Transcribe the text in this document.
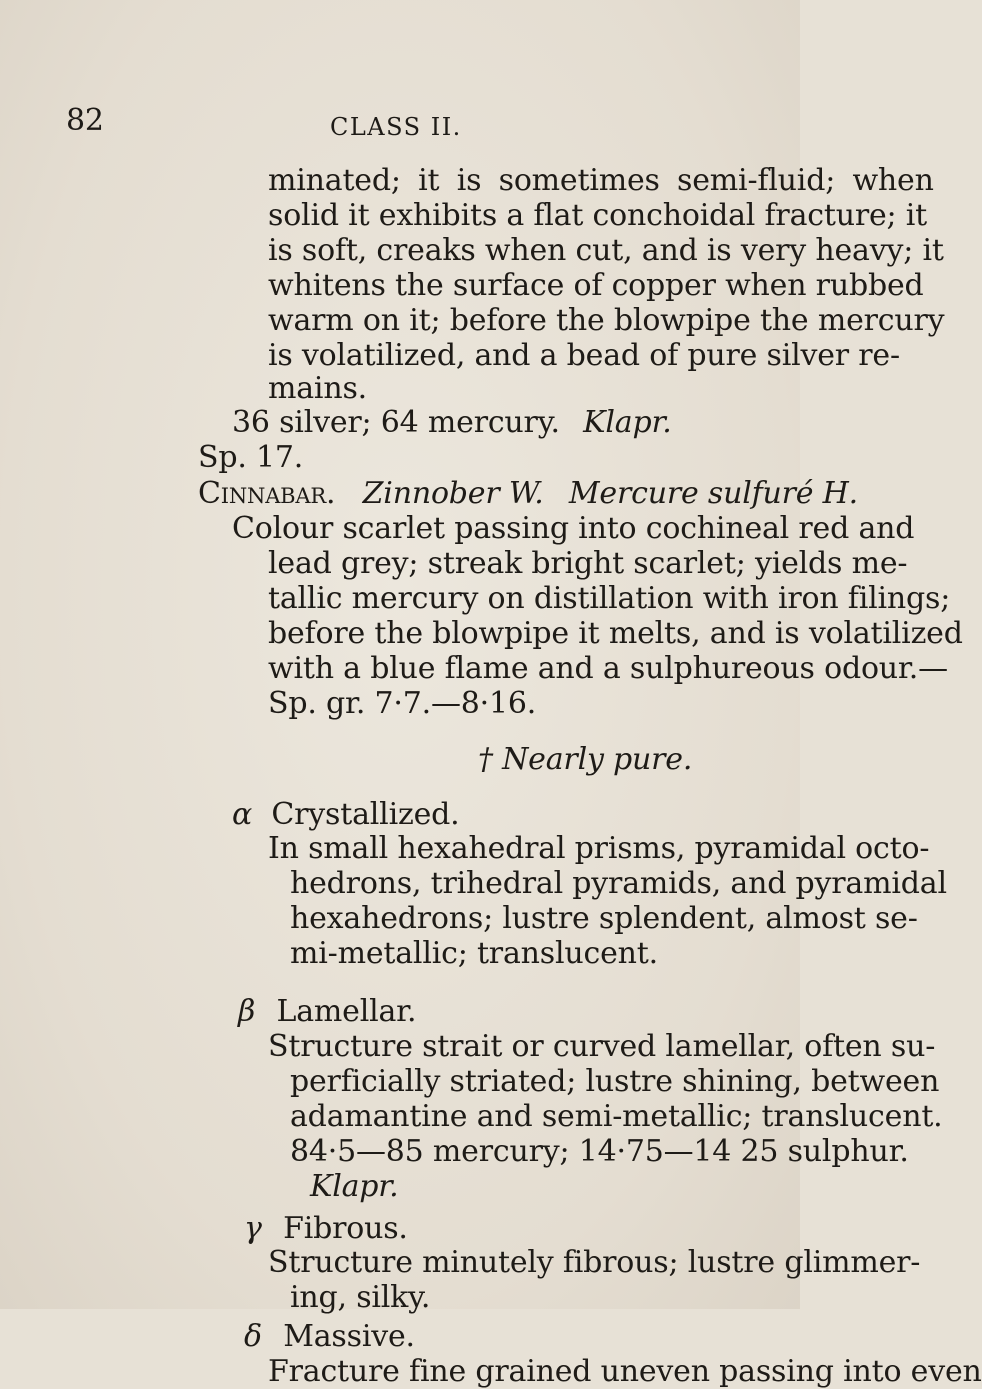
82	CLASS II.
minated; it is sometimes semi-fluid; when
solid it exhibits a flat conchoidal fracture; it
is soft, creaks when cut, and is very heavy; it
whitens the surface of copper when rubbed
warm on it; before the blowpipe the mercury
is volatilized, and a bead of pure silver re-
mains.
36 silver; 64 mercury. Klapr.
Sp. 17.
Cinnabar. Zinnober W. Mercure sulfuré H.
Colour scarlet passing into cochineal red and
lead grey; streak bright scarlet; yields me-
tallic mercury on distillation with iron filings;
before the blowpipe it melts, and is volatilized
with a blue flame and a sulphureous odour.—
Sp. gr. 7·7.—8·16.
† Nearly pure.
α Crystallized.
In small hexahedral prisms, pyramidal octo-
hedrons, trihedral pyramids, and pyramidal
hexahedrons; lustre splendent, almost se-
mi-metallic; translucent.
β Lamellar.
Structure strait or curved lamellar, often su-
perficially striated; lustre shining, between
adamantine and semi-metallic; translucent.
84·5—85 mercury; 14·75—14 25 sulphur.
Klapr.
γ Fibrous.
Structure minutely fibrous; lustre glimmer-
ing, silky.
δ Massive.
Fracture fine grained uneven passing into even
